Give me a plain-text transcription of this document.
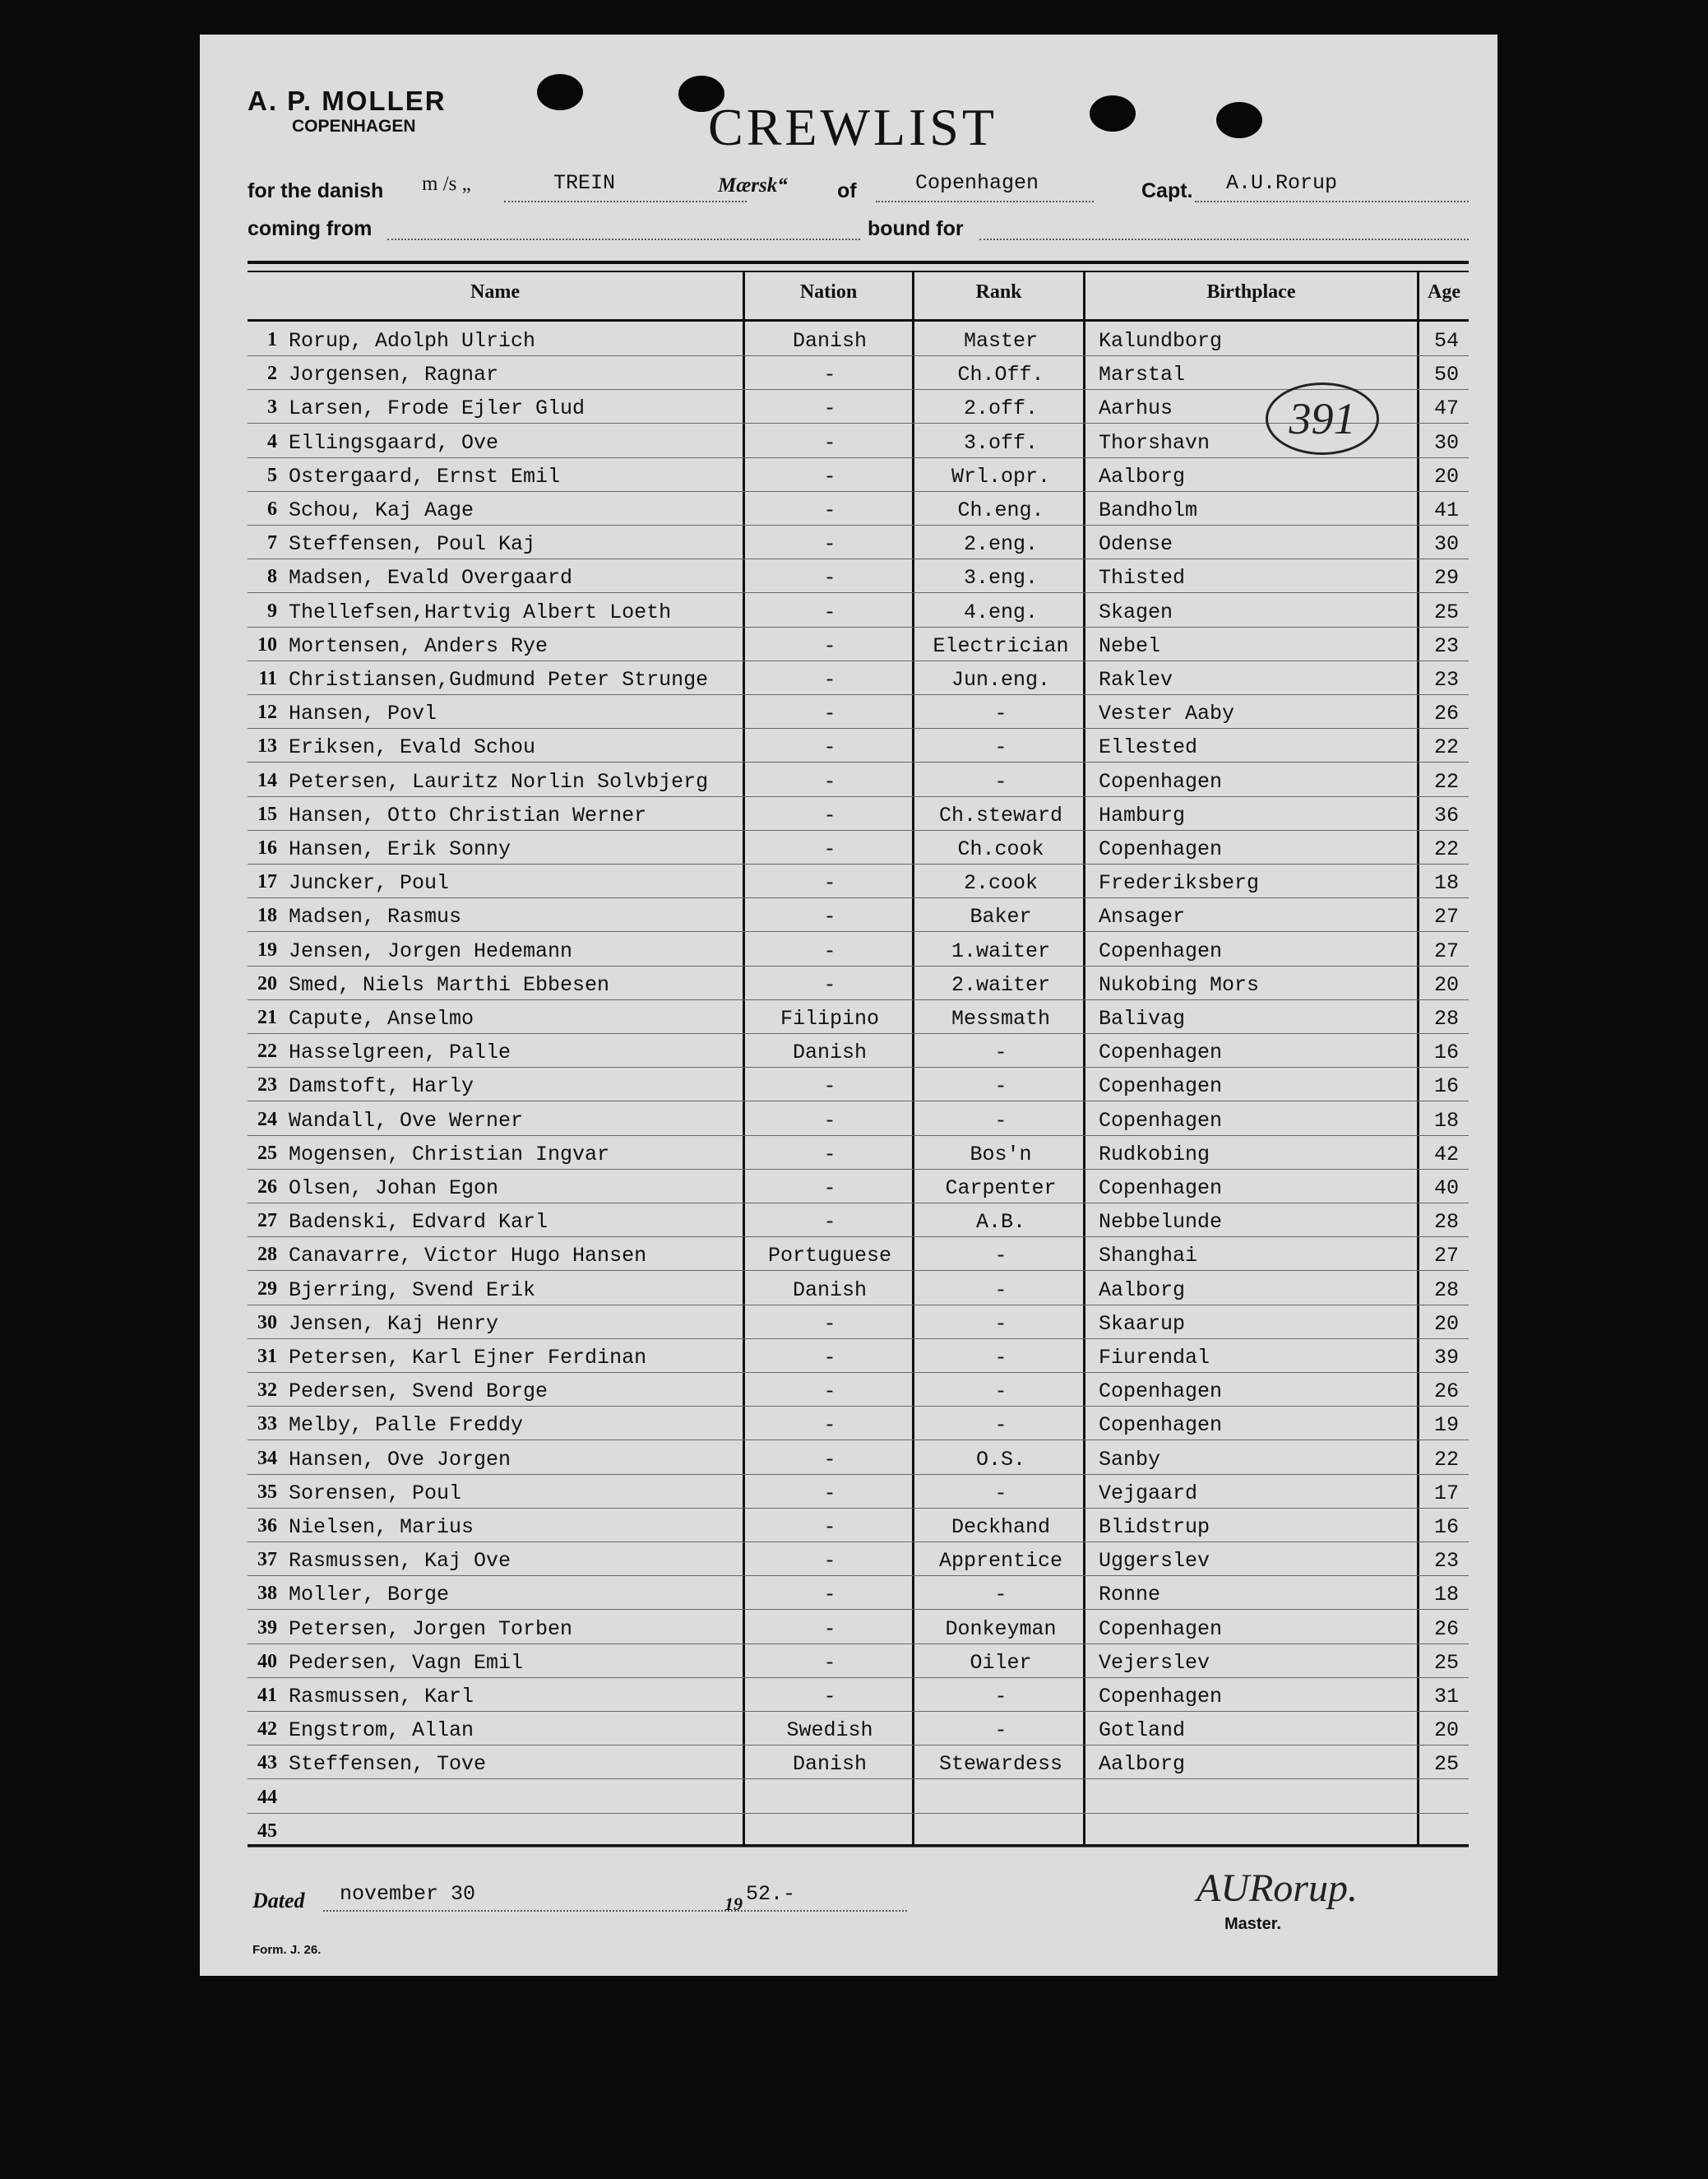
A. P. MOLLER
COPENHAGEN	CREWLIST
for the danish m /s „	TREIN	Mærsk“ of	Copenhagen	Capt. A.U.Rorup
coming from	bound for
Name	Nation	Rank	Birthplace	Age
1 Rorup, Adolph Ulrich	Danish	Master	Kalundborg	54
2 Jorgensen, Ragnar	-	Ch.Off.	Marstal	50
3 Larsen, Frode Ejler Glud	-	2.off.	Aarhus	47
4 Ellingsgaard, Ove	-	3.off.	Thorshavn	30
5 Ostergaard, Ernst Emil	-	Wrl.opr.	Aalborg	20
6 Schou, Kaj Aage	-	Ch.eng.	Bandholm	41
7 Steffensen, Poul Kaj	-	2.eng.	Odense	30
8 Madsen, Evald Overgaard	-	3.eng.	Thisted	29
9 Thellefsen,Hartvig Albert Loeth	-	4.eng.	Skagen	25
10 Mortensen, Anders Rye	-	Electrician	Nebel	23
11 Christiansen,Gudmund Peter Strunge	-	Jun.eng.	Raklev	23
12 Hansen, Povl	-	-	Vester Aaby	26
13 Eriksen, Evald Schou	-	-	Ellested	22
14 Petersen, Lauritz Norlin Solvbjerg	-	-	Copenhagen	22
15 Hansen, Otto Christian Werner	-	Ch.steward	Hamburg	36
16 Hansen, Erik Sonny	-	Ch.cook	Copenhagen	22
17 Juncker, Poul	-	2.cook	Frederiksberg	18
18 Madsen, Rasmus	-	Baker	Ansager	27
19 Jensen, Jorgen Hedemann	-	1.waiter	Copenhagen	27
20 Smed, Niels Marthi Ebbesen	-	2.waiter	Nukobing Mors	20
21 Capute, Anselmo	Filipino	Messmath	Balivag	28
22 Hasselgreen, Palle	Danish	-	Copenhagen	16
23 Damstoft, Harly	-	-	Copenhagen	16
24 Wandall, Ove Werner	-	-	Copenhagen	18
25 Mogensen, Christian Ingvar	-	Bos'n	Rudkobing	42
26 Olsen, Johan Egon	-	Carpenter	Copenhagen	40
27 Badenski, Edvard Karl	-	A.B.	Nebbelunde	28
28 Canavarre, Victor Hugo Hansen	Portuguese	-	Shanghai	27
29 Bjerring, Svend Erik	Danish	-	Aalborg	28
30 Jensen, Kaj Henry	-	-	Skaarup	20
31 Petersen, Karl Ejner Ferdinan	-	-	Fiurendal	39
32 Pedersen, Svend Borge	-	-	Copenhagen	26
33 Melby, Palle Freddy	-	-	Copenhagen	19
34 Hansen, Ove Jorgen	-	O.S.	Sanby	22
35 Sorensen, Poul	-	-	Vejgaard	17
36 Nielsen, Marius	-	Deckhand	Blidstrup	16
37 Rasmussen, Kaj Ove	-	Apprentice	Uggerslev	23
38 Moller, Borge	-	-	Ronne	18
39 Petersen, Jorgen Torben	-	Donkeyman	Copenhagen	26
40 Pedersen, Vagn Emil	-	Oiler	Vejerslev	25
41 Rasmussen, Karl	-	-	Copenhagen	31
42 Engstrom, Allan	Swedish	-	Gotland	20
43 Steffensen, Tove	Danish	Stewardess	Aalborg	25
44
45
391
Dated november 30	19 52.-	AURorup.
Master.
Form. J. 26.
